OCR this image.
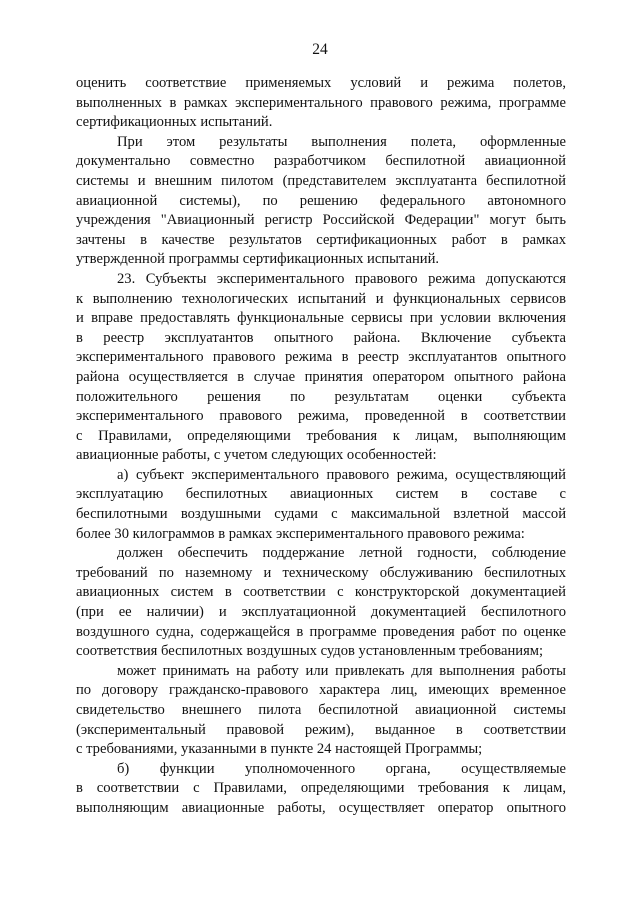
24
оценить соответствие применяемых условий и режима полетов,
выполненных в рамках экспериментального правового режима, программе
сертификационных испытаний.
При этом результаты выполнения полета, оформленные
документально совместно разработчиком беспилотной авиационной
системы и внешним пилотом (представителем эксплуатанта беспилотной
авиационной системы), по решению федерального автономного
учреждения "Авиационный регистр Российской Федерации" могут быть
зачтены в качестве результатов сертификационных работ в рамках
утвержденной программы сертификационных испытаний.
23. Субъекты экспериментального правового режима допускаются
к выполнению технологических испытаний и функциональных сервисов
и вправе предоставлять функциональные сервисы при условии включения
в реестр эксплуатантов опытного района. Включение субъекта
экспериментального правового режима в реестр эксплуатантов опытного
района осуществляется в случае принятия оператором опытного района
положительного решения по результатам оценки субъекта
экспериментального правового режима, проведенной в соответствии
с Правилами, определяющими требования к лицам, выполняющим
авиационные работы, с учетом следующих особенностей:
а) субъект экспериментального правового режима, осуществляющий
эксплуатацию беспилотных авиационных систем в составе с
беспилотными воздушными судами с максимальной взлетной массой
более 30 килограммов в рамках экспериментального правового режима:
должен обеспечить поддержание летной годности, соблюдение
требований по наземному и техническому обслуживанию беспилотных
авиационных систем в соответствии с конструкторской документацией
(при ее наличии) и эксплуатационной документацией беспилотного
воздушного судна, содержащейся в программе проведения работ по оценке
соответствия беспилотных воздушных судов установленным требованиям;
может принимать на работу или привлекать для выполнения работы
по договору гражданско-правового характера лиц, имеющих временное
свидетельство внешнего пилота беспилотной авиационной системы
(экспериментальный правовой режим), выданное в соответствии
с требованиями, указанными в пункте 24 настоящей Программы;
б) функции уполномоченного органа, осуществляемые
в соответствии с Правилами, определяющими требования к лицам,
выполняющим авиационные работы, осуществляет оператор опытного
